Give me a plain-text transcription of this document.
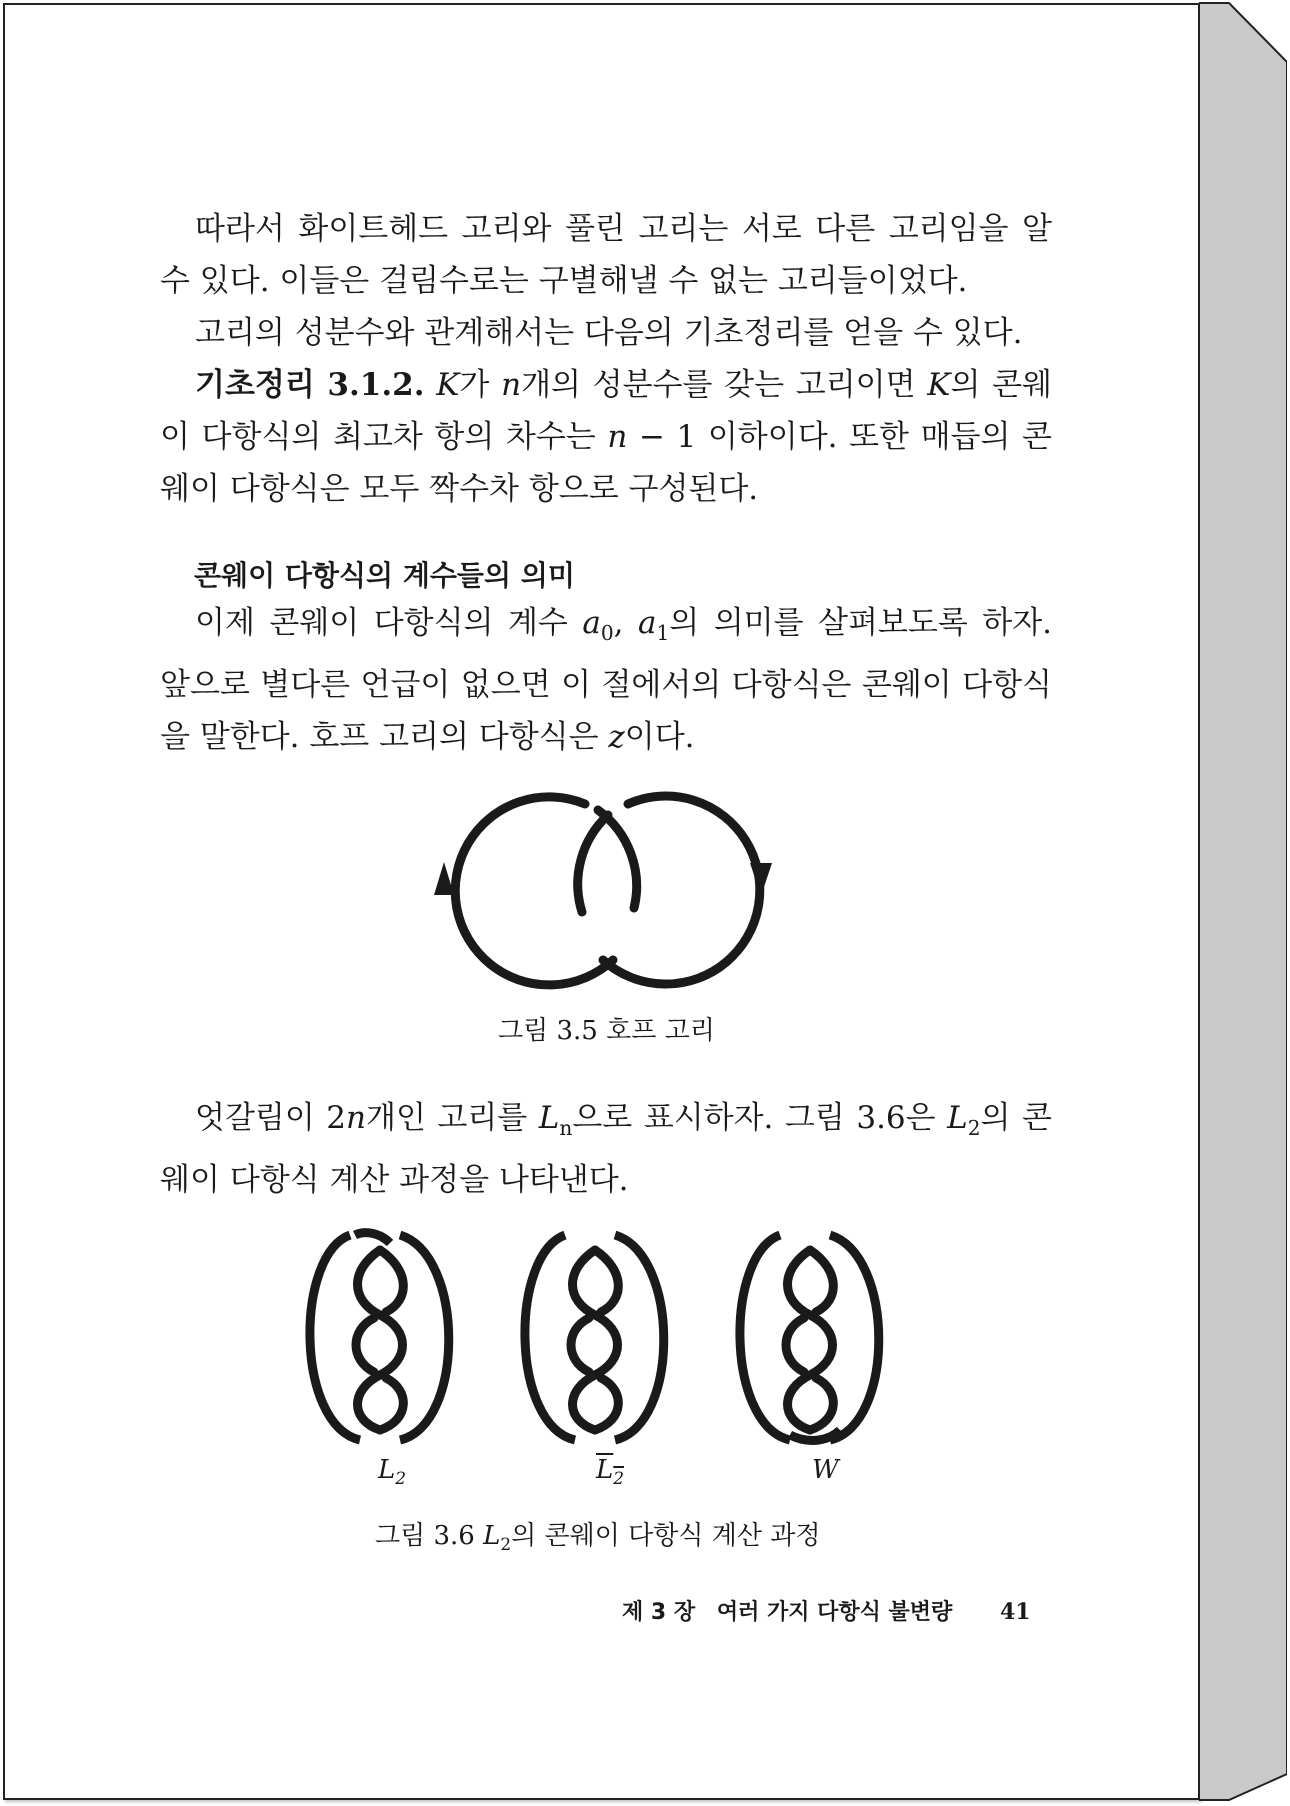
따라서 화이트헤드 고리와 풀린 고리는 서로 다른 고리임을 알 수 있다. 이들은 걸림수로는 구별해낼 수 없는 고리들이었다.

고리의 성분수와 관계해서는 다음의 기초정리를 얻을 수 있다.

기초정리 3.1.2. K가 n개의 성분수를 갖는 고리이면 K의 콘웨이 다항식의 최고차 항의 차수는 n − 1 이하이다. 또한 매듭의 콘웨이 다항식은 모두 짝수차 항으로 구성된다.

콘웨이 다항식의 계수들의 의미

이제 콘웨이 다항식의 계수 $a_0$, $a_1$의 의미를 살펴보도록 하자. 앞으로 별다른 언급이 없으면 이 절에서의 다항식은 콘웨이 다항식을 말한다. 호프 고리의 다항식은 z이다.

그림 3.5 호프 고리

엇갈림이 2n개인 고리를 $L_n$으로 표시하자. 그림 3.6은 $L_2$의 콘웨이 다항식 계산 과정을 나타낸다.

$L_2$	$L_2$	W

그림 3.6 $L_2$의 콘웨이 다항식 계산 과정

제 3 장 여러 가지 다항식 불변량 41
